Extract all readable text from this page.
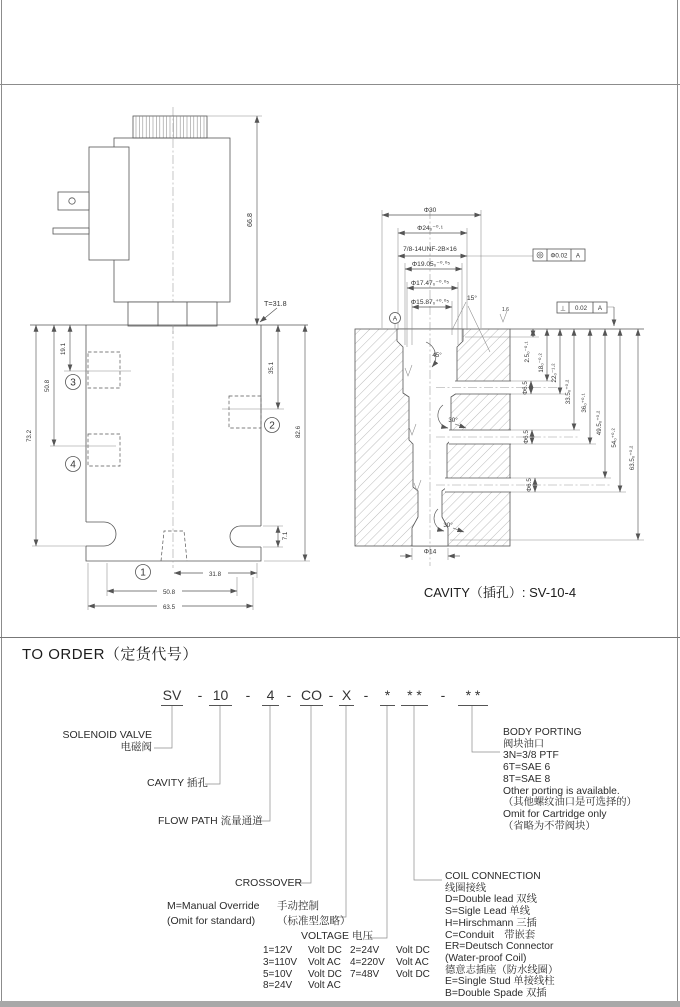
66.8
T=31.8
19.1
50.8
73.2
35.1
82.6
7.1
31.8
50.8
63.5
1
2
3
4
2.5₀⁻⁰·¹
18₀⁻⁰·²
22₀⁻¹·²
33.5₀⁺⁰·² 36₀⁺⁰·¹
49.5₀⁺⁰·²
54₀⁺⁰·²
63.5₀⁺⁰·²
Φ6.5
Φ6.5
Φ6.5
Φ30
Φ24₀⁻⁰·¹
7/8-14UNF-2B×16
Φ19.05₀⁻⁰·⁰⁵
Φ17.47₀⁻⁰·⁰⁵
Φ15.87₀⁺⁰·⁰⁵
15°
Φ0.02 A
⊥ 0.02 A
A
45°
30°
30°
1.6
Φ14
CAVITY（插孔）: SV-10-4
TO ORDER（定货代号）
SV - 10 -	4 - CO - X -	*	* *	-	* *
SOLENOID VALVE
电磁阀
CAVITY 插孔
FLOW PATH 流量通道
CROSSOVER
M=Manual Override
(Omit for standard)
手动控制
（标准型忽略）
VOLTAGE 电压
1=12V	Volt DC 2=24V	Volt DC
3=110V	Volt AC 4=220V	Volt AC
5=10V	Volt DC 7=48V	Volt DC
8=24V	Volt AC
COIL CONNECTION
线圈接线
D=Double lead 双线
S=Sigle Lead 单线
H=Hirschmann 三插
C=Conduit　带嵌套
ER=Deutsch Connector
(Water-proof Coil)
德意志插座（防水线圈）
E=Single Stud 单接线柱
B=Double Spade 双插
BODY PORTING
阀块油口
3N=3/8 PTF
6T=SAE 6
8T=SAE 8
Other porting is available.
（其他螺纹油口是可选择的）
Omit for Cartridge only
（省略为不带阀块）
